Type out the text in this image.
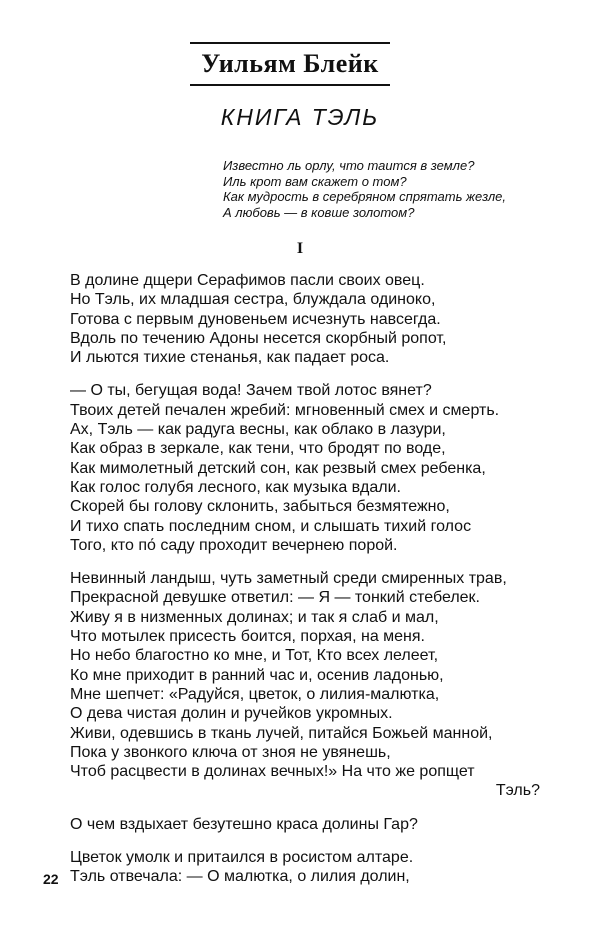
Уильям Блейк
КНИГА ТЭЛЬ
Известно ль орлу, что таится в земле?
Иль крот вам скажет о том?
Как мудрость в серебряном спрятать жезле,
А любовь — в ковше золотом?
I
В долине дщери Серафимов пасли своих овец.
Но Тэль, их младшая сестра, блуждала одиноко,
Готова с первым дуновеньем исчезнуть навсегда.
Вдоль по течению Адоны несется скорбный ропот,
И льются тихие стенанья, как падает роса.
— О ты, бегущая вода! Зачем твой лотос вянет?
Твоих детей печален жребий: мгновенный смех и смерть.
Ах, Тэль — как радуга весны, как облако в лазури,
Как образ в зеркале, как тени, что бродят по воде,
Как мимолетный детский сон, как резвый смех ребенка,
Как голос голубя лесного, как музыка вдали.
Скорей бы голову склонить, забыться безмятежно,
И тихо спать последним сном, и слышать тихий голос
Того, кто по́ саду проходит вечернею порой.
Невинный ландыш, чуть заметный среди смиренных трав,
Прекрасной девушке ответил: — Я — тонкий стебелек.
Живу я в низменных долинах; и так я слаб и мал,
Что мотылек присесть боится, порхая, на меня.
Но небо благостно ко мне, и Тот, Кто всех лелеет,
Ко мне приходит в ранний час и, осенив ладонью,
Мне шепчет: «Радуйся, цветок, о лилия-малютка,
О дева чистая долин и ручейков укромных.
Живи, одевшись в ткань лучей, питайся Божьей манной,
Пока у звонкого ключа от зноя не увянешь,
Чтоб расцвести в долинах вечных!» На что же ропщет
Тэль?
О чем вздыхает безутешно краса долины Гар?
Цветок умолк и притаился в росистом алтаре.
Тэль отвечала: — О малютка, о лилия долин,
22
